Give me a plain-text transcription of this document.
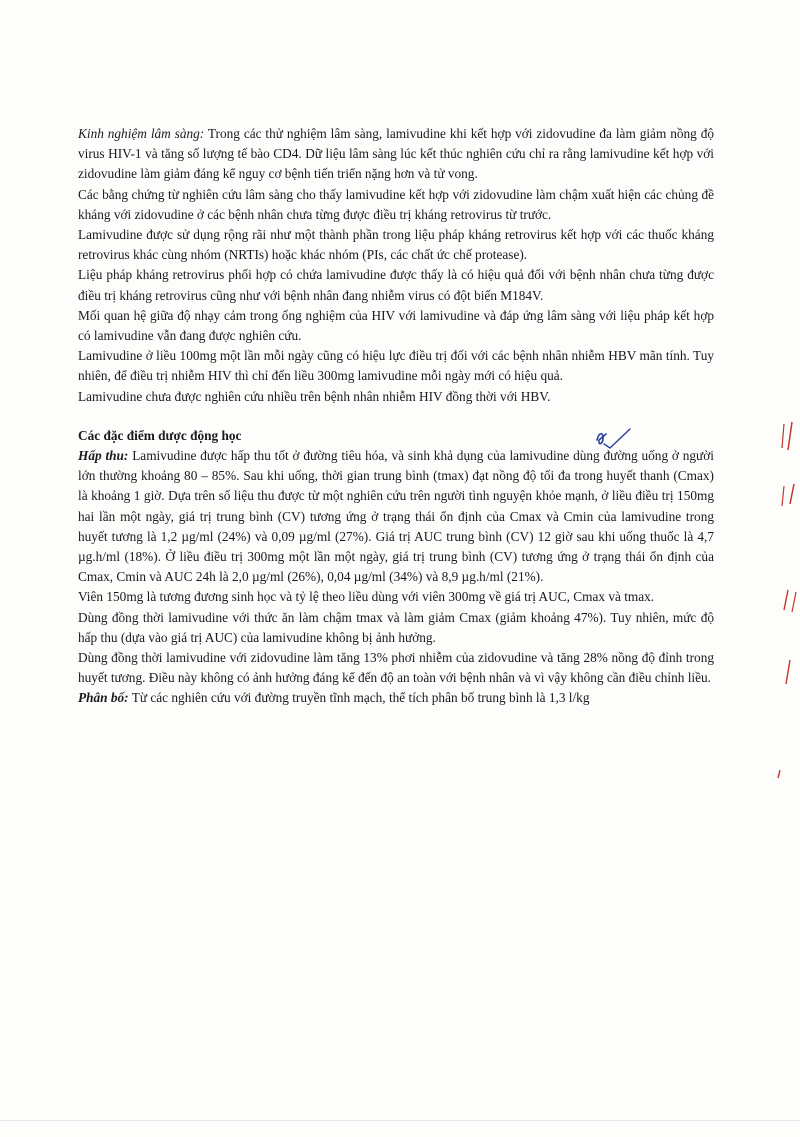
Kinh nghiệm lâm sàng: Trong các thử nghiệm lâm sàng, lamivudine khi kết hợp với zidovudine đa làm giảm nồng độ virus HIV-1 và tăng số lượng tế bào CD4. Dữ liệu lâm sàng lúc kết thúc nghiên cứu chỉ ra rằng lamivudine kết hợp với zidovudine làm giảm đáng kể nguy cơ bệnh tiến triển nặng hơn và tử vong.

Các bằng chứng từ nghiên cứu lâm sàng cho thấy lamivudine kết hợp với zidovudine làm chậm xuất hiện các chủng đề kháng với zidovudine ở các bệnh nhân chưa từng được điều trị kháng retrovirus từ trước.

Lamivudine được sử dụng rộng rãi như một thành phần trong liệu pháp kháng retrovirus kết hợp với các thuốc kháng retrovirus khác cùng nhóm (NRTIs) hoặc khác nhóm (PIs, các chất ức chế protease).

Liệu pháp kháng retrovirus phối hợp có chứa lamivudine được thấy là có hiệu quả đối với bệnh nhân chưa từng được điều trị kháng retrovirus cũng như với bệnh nhân đang nhiễm virus có đột biến M184V.

Mối quan hệ giữa độ nhạy cảm trong ống nghiệm của HIV với lamivudine và đáp ứng lâm sàng với liệu pháp kết hợp có lamivudine vẫn đang được nghiên cứu.

Lamivudine ở liều 100mg một lần mỗi ngày cũng có hiệu lực điều trị đối với các bệnh nhân nhiễm HBV mãn tính. Tuy nhiên, để điều trị nhiễm HIV thì chỉ đến liều 300mg lamivudine mỗi ngày mới có hiệu quả.

Lamivudine chưa được nghiên cứu nhiều trên bệnh nhân nhiễm HIV đồng thời với HBV.

Các đặc điểm dược động học

Hấp thu: Lamivudine được hấp thu tốt ở đường tiêu hóa, và sinh khả dụng của lamivudine dùng đường uống ở người lớn thường khoảng 80 – 85%. Sau khi uống, thời gian trung bình (tmax) đạt nồng độ tối đa trong huyết thanh (Cmax) là khoảng 1 giờ. Dựa trên số liệu thu được từ một nghiên cứu trên người tình nguyện khỏe mạnh, ở liều điều trị 150mg hai lần một ngày, giá trị trung bình (CV) tương ứng ở trạng thái ổn định của Cmax và Cmin của lamivudine trong huyết tương là 1,2 µg/ml (24%) và 0,09 µg/ml (27%). Giá trị AUC trung bình (CV) 12 giờ sau khi uống thuốc là 4,7 µg.h/ml (18%). Ở liều điều trị 300mg một lần một ngày, giá trị trung bình (CV) tương ứng ở trạng thái ổn định của Cmax, Cmin và AUC 24h là 2,0 µg/ml (26%), 0,04 µg/ml (34%) và 8,9 µg.h/ml (21%).

Viên 150mg là tương đương sinh học và tỷ lệ theo liều dùng với viên 300mg về giá trị AUC, Cmax và tmax.

Dùng đồng thời lamivudine với thức ăn làm chậm tmax và làm giảm Cmax (giảm khoảng 47%). Tuy nhiên, mức độ hấp thu (dựa vào giá trị AUC) của lamivudine không bị ảnh hưởng.

Dùng đồng thời lamivudine với zidovudine làm tăng 13% phơi nhiễm của zidovudine và tăng 28% nồng độ đỉnh trong huyết tương. Điều này không có ảnh hưởng đáng kể đến độ an toàn với bệnh nhân và vì vậy không cần điều chỉnh liều.

Phân bố: Từ các nghiên cứu với đường truyền tĩnh mạch, thể tích phân bố trung bình là 1,3 l/kg
